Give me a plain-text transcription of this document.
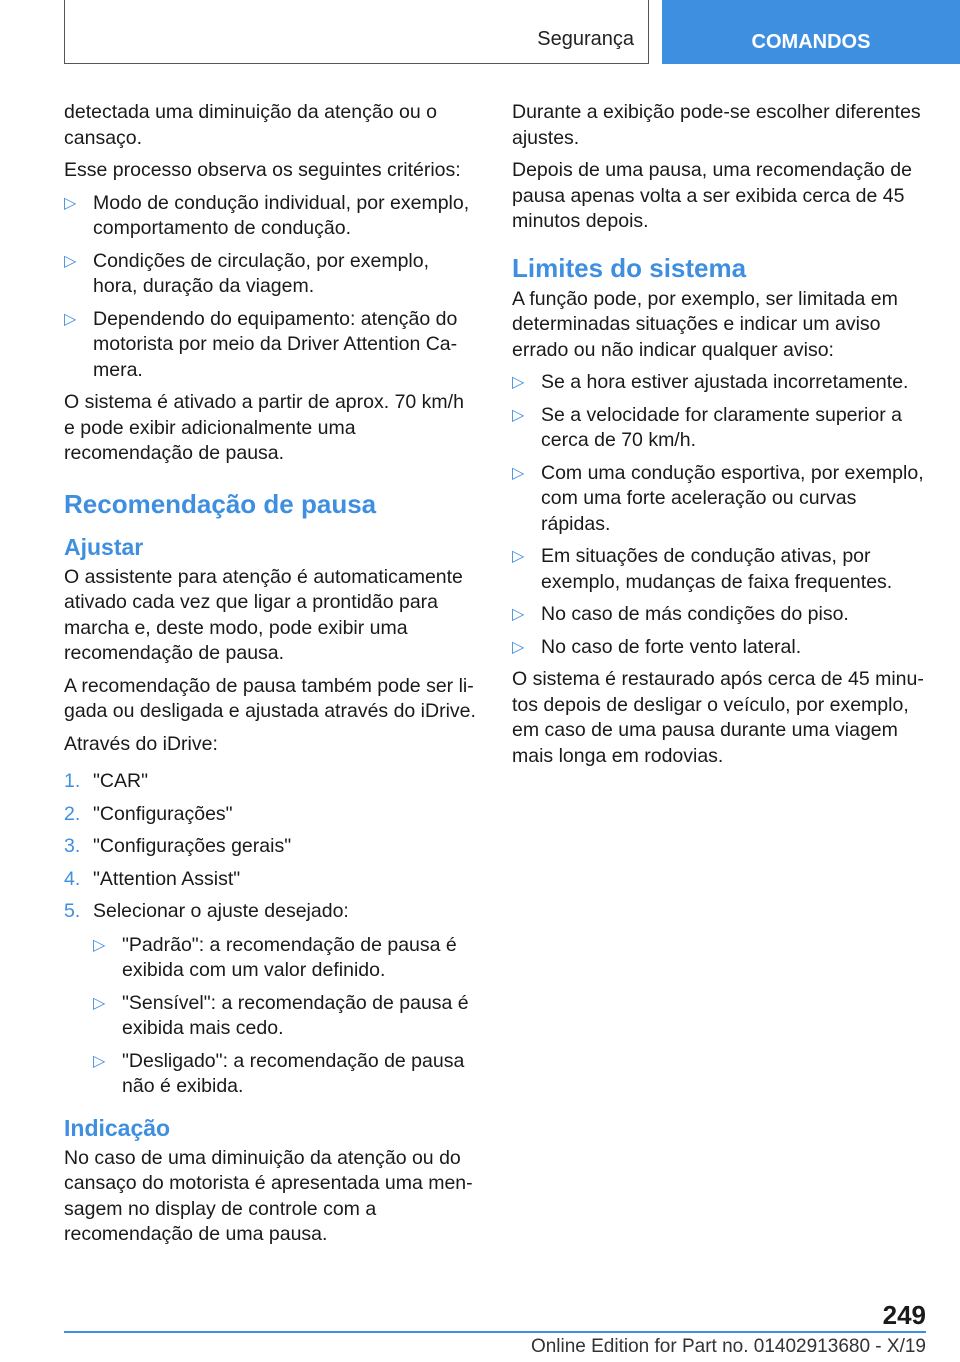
Segurança	COMANDOS

detectada uma diminuição da atenção ou o cansaço.

Esse processo observa os seguintes critérios:

▷ Modo de condução individual, por exemplo, comportamento de condução.
▷ Condições de circulação, por exemplo, hora, duração da viagem.
▷ Dependendo do equipamento: atenção do motorista por meio da Driver Attention Camera.

O sistema é ativado a partir de aprox. 70 km/h e pode exibir adicionalmente uma recomendação de pausa.

Recomendação de pausa
Ajustar

O assistente para atenção é automaticamente ativado cada vez que ligar a prontidão para marcha e, deste modo, pode exibir uma recomendação de pausa.

A recomendação de pausa também pode ser ligada ou desligada e ajustada através do iDrive.

Através do iDrive:

1. "CAR"
2. "Configurações"
3. "Configurações gerais"
4. "Attention Assist"
5. Selecionar o ajuste desejado:
▷ "Padrão": a recomendação de pausa é exibida com um valor definido.
▷ "Sensível": a recomendação de pausa é exibida mais cedo.
▷ "Desligado": a recomendação de pausa não é exibida.
Indicação

No caso de uma diminuição da atenção ou do cansaço do motorista é apresentada uma mensagem no display de controle com a recomendação de uma pausa.

Durante a exibição pode-se escolher diferentes ajustes.

Depois de uma pausa, uma recomendação de pausa apenas volta a ser exibida cerca de 45 minutos depois.

Limites do sistema

A função pode, por exemplo, ser limitada em determinadas situações e indicar um aviso errado ou não indicar qualquer aviso:

▷ Se a hora estiver ajustada incorretamente.
▷ Se a velocidade for claramente superior a cerca de 70 km/h.
▷ Com uma condução esportiva, por exemplo, com uma forte aceleração ou curvas rápidas.
▷ Em situações de condução ativas, por exemplo, mudanças de faixa frequentes.
▷ No caso de más condições do piso.
▷ No caso de forte vento lateral.

O sistema é restaurado após cerca de 45 minutos depois de desligar o veículo, por exemplo, em caso de uma pausa durante uma viagem mais longa em rodovias.

249
Online Edition for Part no. 01402913680 - X/19
